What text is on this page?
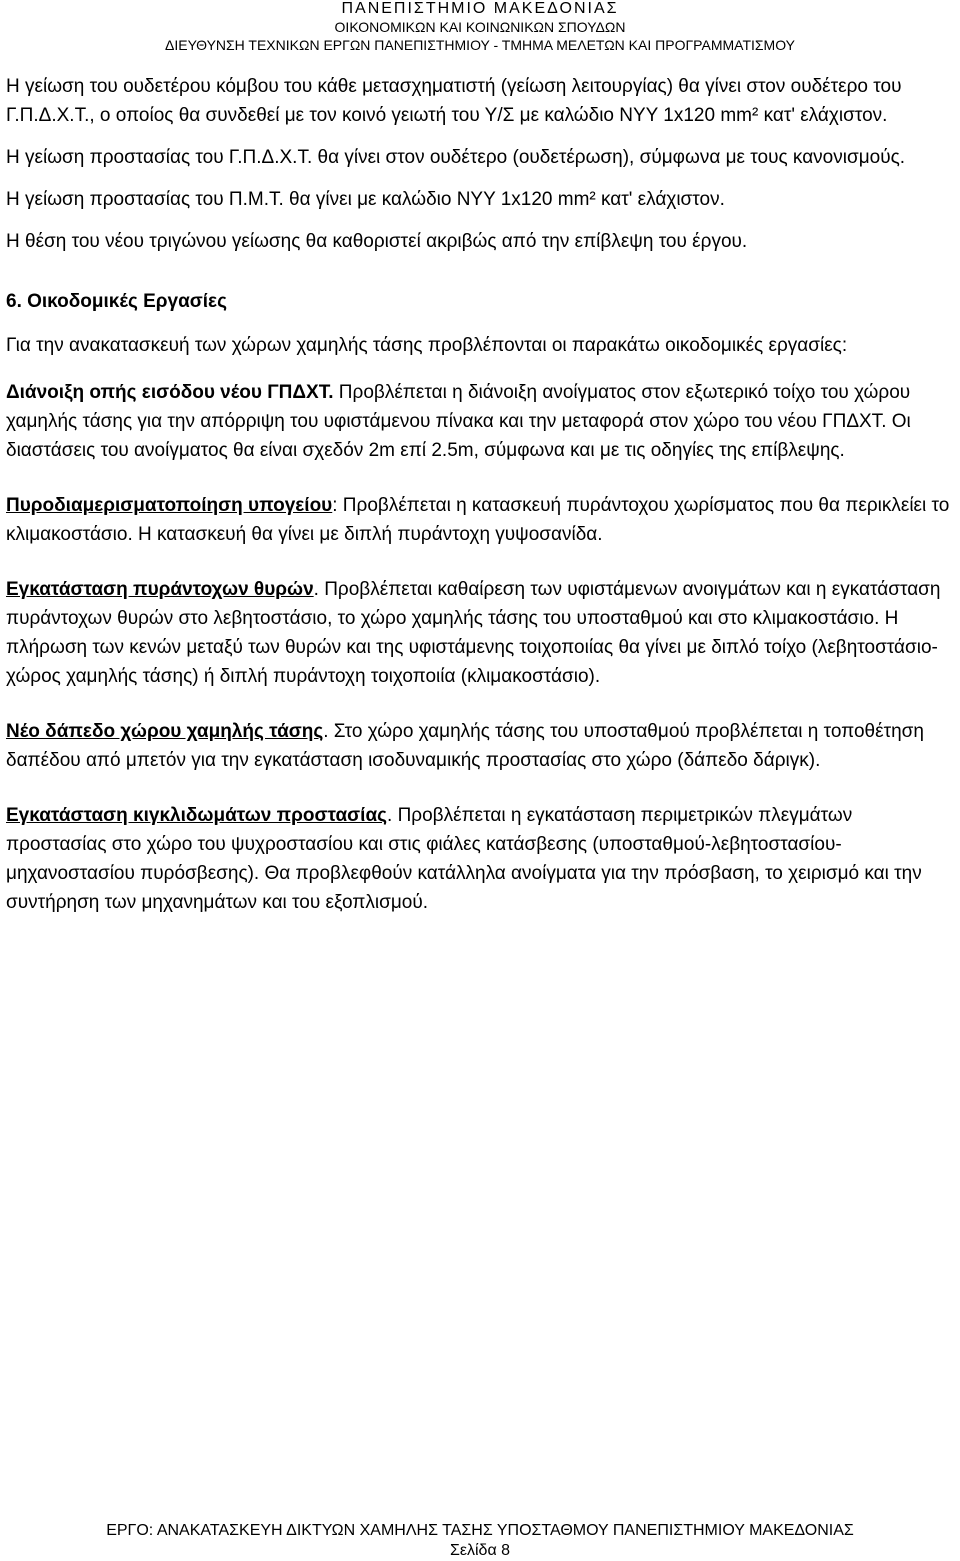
ΠΑΝΕΠΙΣΤΗΜΙΟ ΜΑΚΕΔΟΝΙΑΣ
ΟΙΚΟΝΟΜΙΚΩΝ ΚΑΙ ΚΟΙΝΩΝΙΚΩΝ ΣΠΟΥΔΩΝ
ΔΙΕΥΘΥΝΣΗ ΤΕΧΝΙΚΩΝ ΕΡΓΩΝ ΠΑΝΕΠΙΣΤΗΜΙΟΥ - ΤΜΗΜΑ ΜΕΛΕΤΩΝ ΚΑΙ ΠΡΟΓΡΑΜΜΑΤΙΣΜΟΥ

Η γείωση του ουδετέρου κόμβου του κάθε μετασχηματιστή (γείωση λειτουργίας) θα γίνει στον ουδέτερο του Γ.Π.Δ.Χ.Τ., ο οποίος θα συνδεθεί με τον κοινό γειωτή του Υ/Σ με καλώδιο NYY 1x120 mm² κατ' ελάχιστον.

Η γείωση προστασίας του Γ.Π.Δ.Χ.Τ. θα γίνει στον ουδέτερο (ουδετέρωση), σύμφωνα με τους κανονισμούς.

Η γείωση προστασίας του Π.Μ.Τ. θα γίνει με καλώδιο NYY 1x120 mm² κατ' ελάχιστον.

Η θέση του νέου τριγώνου γείωσης θα καθοριστεί ακριβώς από την επίβλεψη του έργου.

6. Οικοδομικές Εργασίες

Για την ανακατασκευή των χώρων χαμηλής τάσης προβλέπονται οι παρακάτω οικοδομικές εργασίες:

Διάνοιξη οπής εισόδου νέου ΓΠΔΧΤ. Προβλέπεται η διάνοιξη ανοίγματος στον εξωτερικό τοίχο του χώρου χαμηλής τάσης για την απόρριψη του υφιστάμενου πίνακα και την μεταφορά στον χώρο του νέου ΓΠΔΧΤ. Οι διαστάσεις του ανοίγματος θα είναι σχεδόν 2m επί 2.5m, σύμφωνα και με τις οδηγίες της επίβλεψης.

Πυροδιαμερισματοποίηση υπογείου: Προβλέπεται η κατασκευή πυράντοχου χωρίσματος που θα περικλείει το κλιμακοστάσιο. Η κατασκευή θα γίνει με διπλή πυράντοχη γυψοσανίδα.

Εγκατάσταση πυράντοχων θυρών. Προβλέπεται καθαίρεση των υφιστάμενων ανοιγμάτων και η εγκατάσταση πυράντοχων θυρών στο λεβητοστάσιο, το χώρο χαμηλής τάσης του υποσταθμού και στο κλιμακοστάσιο. Η πλήρωση των κενών μεταξύ των θυρών και της υφιστάμενης τοιχοποιίας θα γίνει με διπλό τοίχο (λεβητοστάσιο-χώρος χαμηλής τάσης) ή διπλή πυράντοχη τοιχοποιία (κλιμακοστάσιο).

Νέο δάπεδο χώρου χαμηλής τάσης. Στο χώρο χαμηλής τάσης του υποσταθμού προβλέπεται η τοποθέτηση δαπέδου από μπετόν για την εγκατάσταση ισοδυναμικής προστασίας στο χώρο (δάπεδο δάριγκ).

Εγκατάσταση κιγκλιδωμάτων προστασίας. Προβλέπεται η εγκατάσταση περιμετρικών πλεγμάτων προστασίας στο χώρο του ψυχροστασίου και στις φιάλες κατάσβεσης (υποσταθμού-λεβητοστασίου-μηχανοστασίου πυρόσβεσης). Θα προβλεφθούν κατάλληλα ανοίγματα για την πρόσβαση, το χειρισμό και την συντήρηση των μηχανημάτων και του εξοπλισμού.

ΕΡΓΟ: ΑΝΑΚΑΤΑΣΚΕΥΗ ΔΙΚΤΥΩΝ ΧΑΜΗΛΗΣ ΤΑΣΗΣ ΥΠΟΣΤΑΘΜΟΥ ΠΑΝΕΠΙΣΤΗΜΙΟΥ ΜΑΚΕΔΟΝΙΑΣ
Σελίδα 8
